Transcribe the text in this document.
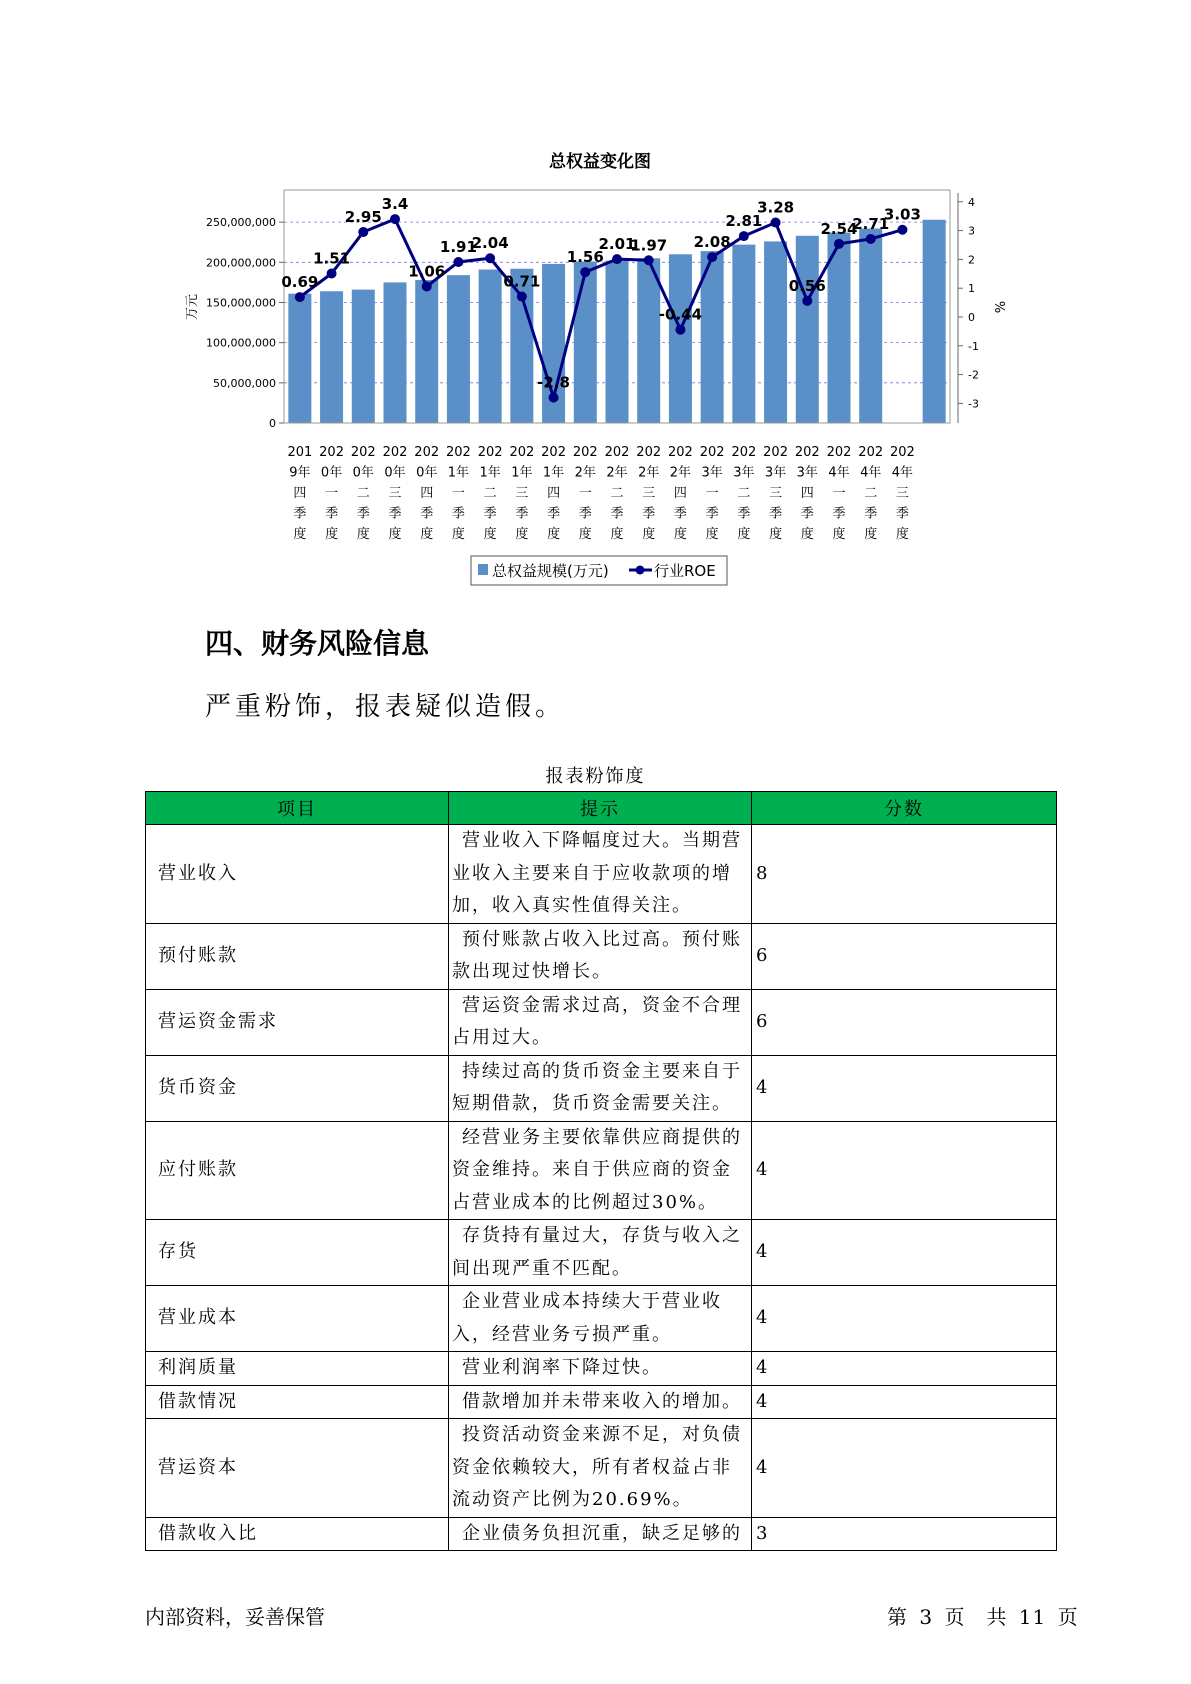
总权益变化图
0
50,000,000
100,000,000
150,000,000
200,000,000
250,000,000
-3
-2
-1
0
1
2
3
4
0.69
1.51
2.95
3.4
1.06
1.91
2.04
0.71
-2.8
1.56
2.01
1.97
-0.44
2.08
2.81
3.28
0.56
2.54
2.71
3.03
201
9年
四
季
度
202
0年
一
季
度
202
0年
二
季
度
202
0年
三
季
度
202
0年
四
季
度
202
1年
一
季
度
202
1年
二
季
度
202
1年
三
季
度
202
1年
四
季
度
202
2年
一
季
度
202
2年
二
季
度
202
2年
三
季
度
202
2年
四
季
度
202
3年
一
季
度
202
3年
二
季
度
202
3年
三
季
度
202
3年
四
季
度
202
4年
一
季
度
202
4年
二
季
度
202
4年
三
季
度
万元	%
总权益规模(万元)	行业ROE
四、财务风险信息

严重粉饰，报表疑似造假。

报表粉饰度
项目	提示	分数
营业收入	营业收入下降幅度过大。当期营业收入主要来自于应收款项的增加，收入真实性值得关注。	8
预付账款	预付账款占收入比过高。预付账款出现过快增长。	6
营运资金需求	营运资金需求过高，资金不合理占用过大。	6
货币资金	持续过高的货币资金主要来自于短期借款，货币资金需要关注。	4
应付账款	经营业务主要依靠供应商提供的资金维持。来自于供应商的资金占营业成本的比例超过30%。	4
存货	存货持有量过大，存货与收入之间出现严重不匹配。	4
营业成本	企业营业成本持续大于营业收入，经营业务亏损严重。	4
利润质量	营业利润率下降过快。	4
借款情况	借款增加并未带来收入的增加。	4
营运资本	投资活动资金来源不足，对负债资金依赖较大，所有者权益占非流动资产比例为20.69%。	4
借款收入比	企业债务负担沉重，缺乏足够的	3
内部资料，妥善保管	第 3 页　共 11 页
